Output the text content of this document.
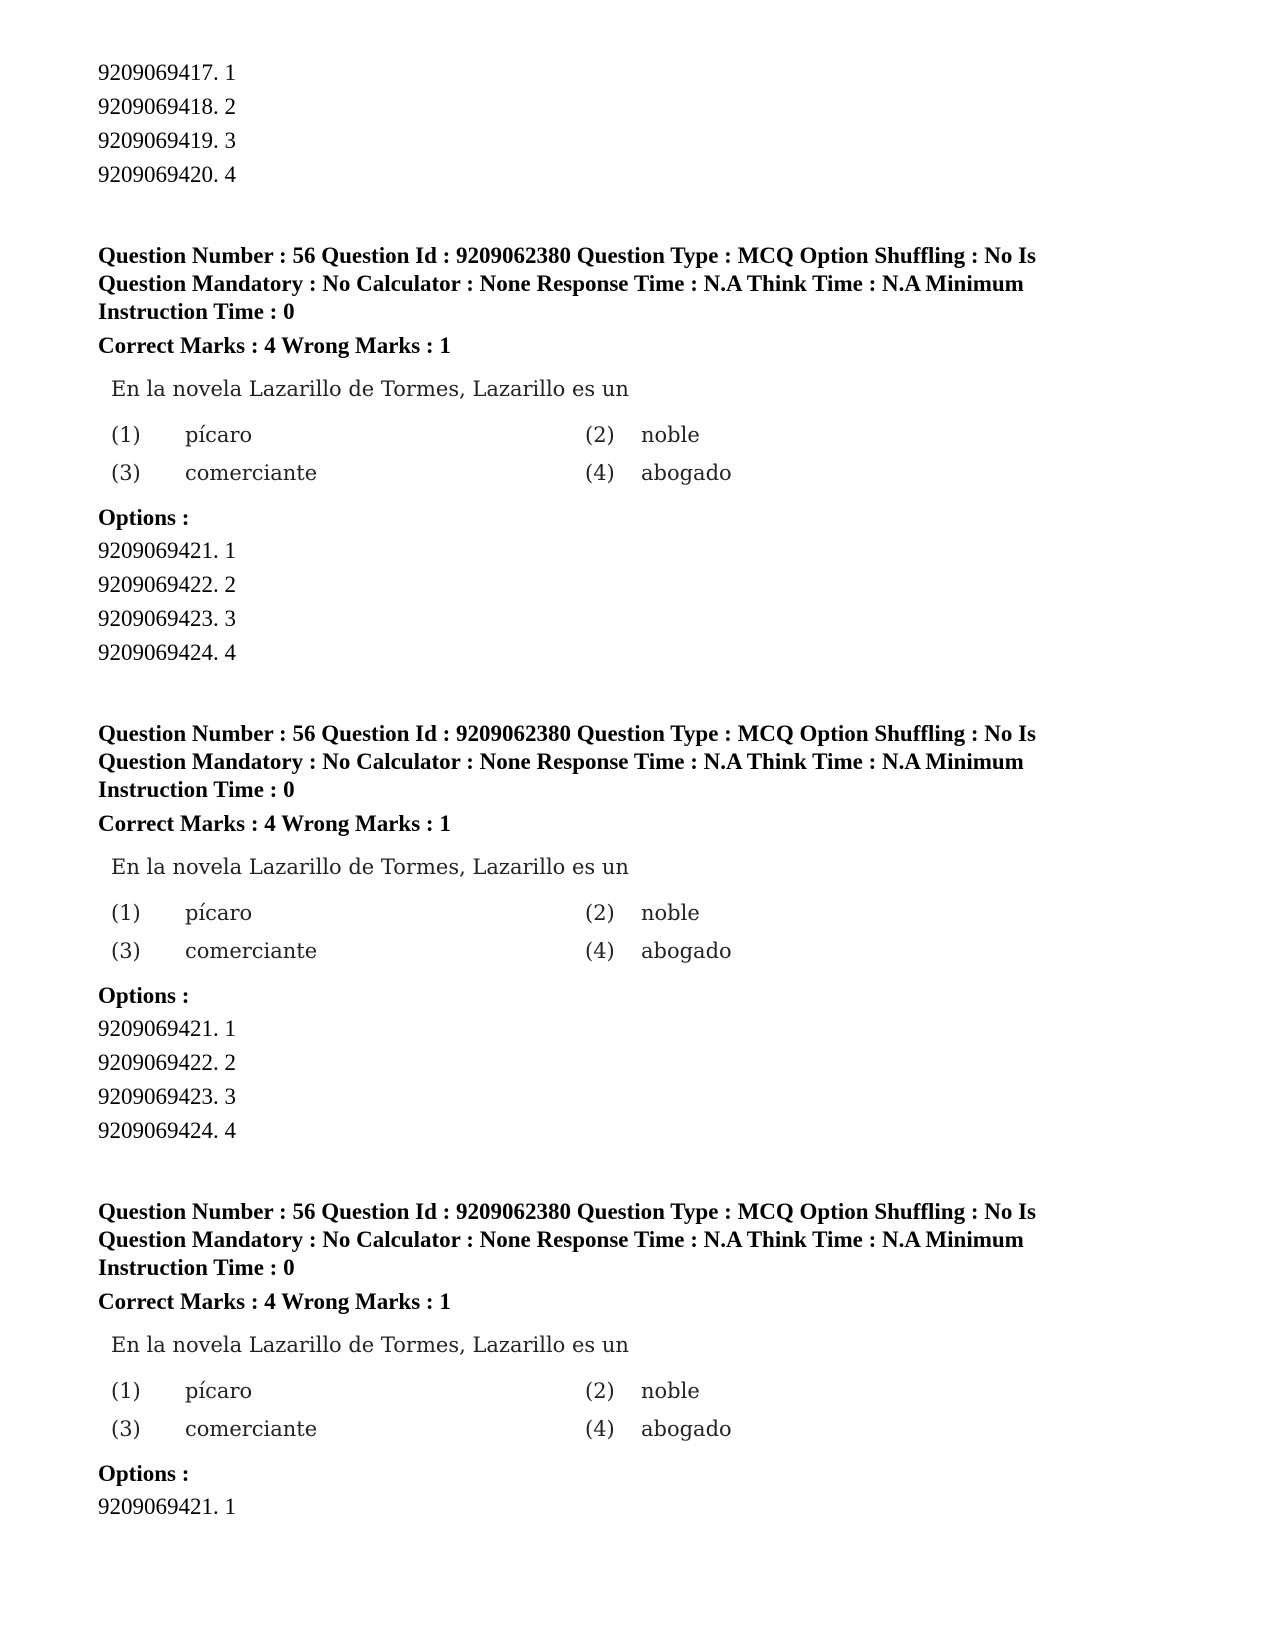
9209069417. 1
9209069418. 2
9209069419. 3
9209069420. 4
Question Number : 56 Question Id : 9209062380 Question Type : MCQ Option Shuffling : No Is Question Mandatory : No Calculator : None Response Time : N.A Think Time : N.A Minimum Instruction Time : 0
Correct Marks : 4 Wrong Marks : 1
En la novela Lazarillo de Tormes, Lazarillo es un
(1)	pícaro	(2)	noble
(3)	comerciante	(4)	abogado
Options :
9209069421. 1
9209069422. 2
9209069423. 3
9209069424. 4
Question Number : 56 Question Id : 9209062380 Question Type : MCQ Option Shuffling : No Is Question Mandatory : No Calculator : None Response Time : N.A Think Time : N.A Minimum Instruction Time : 0
Correct Marks : 4 Wrong Marks : 1
En la novela Lazarillo de Tormes, Lazarillo es un
(1)	pícaro	(2)	noble
(3)	comerciante	(4)	abogado
Options :
9209069421. 1
9209069422. 2
9209069423. 3
9209069424. 4
Question Number : 56 Question Id : 9209062380 Question Type : MCQ Option Shuffling : No Is Question Mandatory : No Calculator : None Response Time : N.A Think Time : N.A Minimum Instruction Time : 0
Correct Marks : 4 Wrong Marks : 1
En la novela Lazarillo de Tormes, Lazarillo es un
(1)	pícaro	(2)	noble
(3)	comerciante	(4)	abogado
Options :
9209069421. 1
